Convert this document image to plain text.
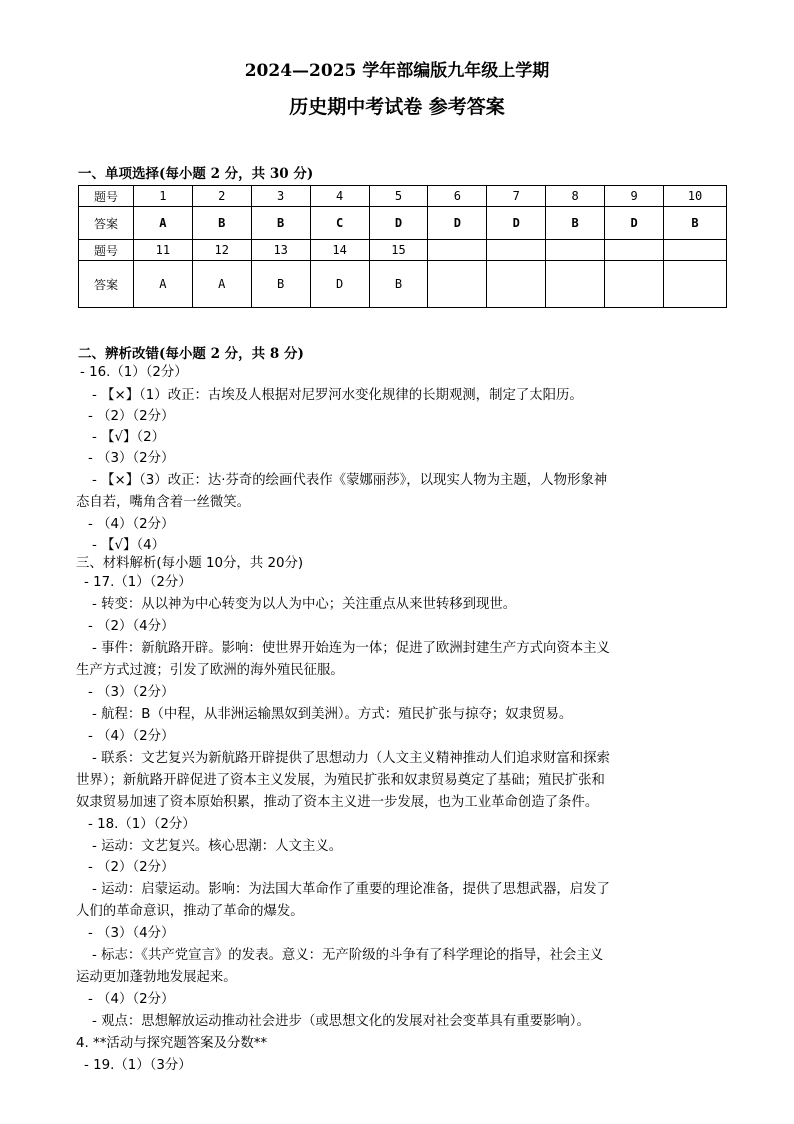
2024—2025 学年部编版九年级上学期
历史期中考试卷 参考答案
一、单项选择(每小题 2 分，共 30 分)
题号	1	2	3	4	5	6	7	8	9	10
答案	A	B	B	C	D	D	D	B	D	B
题号	11	12	13	14	15					
答案	A	A	B	D	B					
二、辨析改错(每小题 2 分，共 8 分)
- 16.（1）（2分）
- 【×】（1）改正：古埃及人根据对尼罗河水变化规律的长期观测，制定了太阳历。
- （2）（2分）
- 【√】（2）
- （3）（2分）
- 【×】（3）改正：达·芬奇的绘画代表作《蒙娜丽莎》，以现实人物为主题，人物形象神
态自若，嘴角含着一丝微笑。
- （4）（2分）
- 【√】（4）
三、材料解析(每小题 10分，共 20分)
- 17.（1）（2分）
- 转变：从以神为中心转变为以人为中心；关注重点从来世转移到现世。
- （2）（4分）
- 事件：新航路开辟。影响：使世界开始连为一体；促进了欧洲封建生产方式向资本主义
生产方式过渡；引发了欧洲的海外殖民征服。
- （3）（2分）
- 航程：B（中程，从非洲运输黑奴到美洲）。方式：殖民扩张与掠夺；奴隶贸易。
- （4）（2分）
- 联系：文艺复兴为新航路开辟提供了思想动力（人文主义精神推动人们追求财富和探索
世界）；新航路开辟促进了资本主义发展，为殖民扩张和奴隶贸易奠定了基础；殖民扩张和
奴隶贸易加速了资本原始积累，推动了资本主义进一步发展，也为工业革命创造了条件。
- 18.（1）（2分）
- 运动：文艺复兴。核心思潮：人文主义。
- （2）（2分）
- 运动：启蒙运动。影响：为法国大革命作了重要的理论准备，提供了思想武器，启发了
人们的革命意识，推动了革命的爆发。
- （3）（4分）
- 标志：《共产党宣言》的发表。意义：无产阶级的斗争有了科学理论的指导，社会主义
运动更加蓬勃地发展起来。
- （4）（2分）
- 观点：思想解放运动推动社会进步（或思想文化的发展对社会变革具有重要影响）。
4. **活动与探究题答案及分数**
- 19.（1）（3分）
